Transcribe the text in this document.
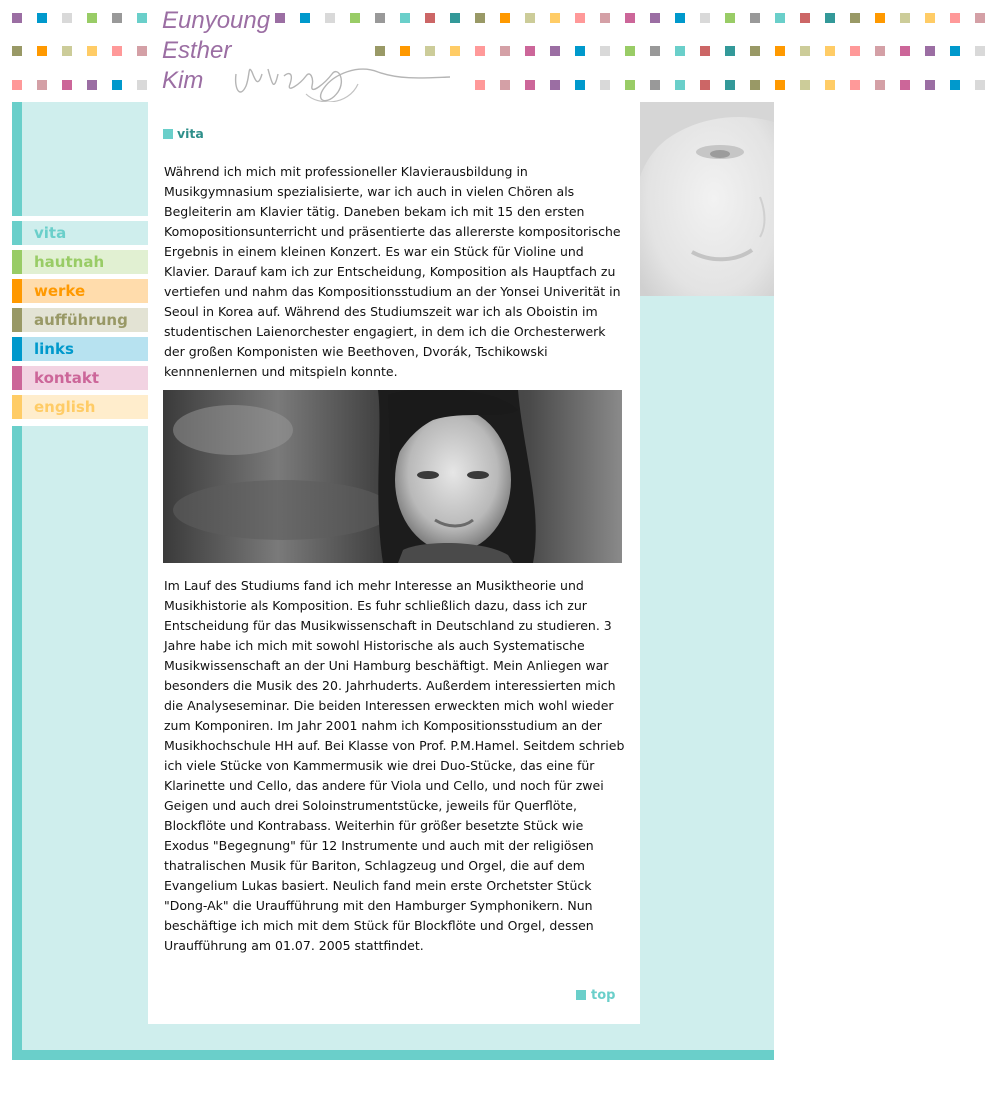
Eunyoung
Esther
Kim
vita
hautnah
werke
aufführung
links
kontakt
english
vita

Während ich mich mit professioneller Klavierausbildung in Musikgymnasium spezialisierte, war ich auch in vielen Chören als Begleiterin am Klavier tätig. Daneben bekam ich mit 15 den ersten Komopositionsunterricht und präsentierte das allererste kompositorische Ergebnis in einem kleinen Konzert. Es war ein Stück für Violine und Klavier. Darauf kam ich zur Entscheidung, Komposition als Hauptfach zu vertiefen und nahm das Kompositionsstudium an der Yonsei Univerität in Seoul in Korea auf. Während des Studiumszeit war ich als Oboistin im studentischen Laienorchester engagiert, in dem ich die Orchesterwerk der großen Komponisten wie Beethoven, Dvorák, Tschikowski kennnenlernen und mitspieln konnte.

Im Lauf des Studiums fand ich mehr Interesse an Musiktheorie und Musikhistorie als Komposition. Es fuhr schließlich dazu, dass ich zur Entscheidung für das Musikwissenschaft in Deutschland zu studieren. 3 Jahre habe ich mich mit sowohl Historische als auch Systematische Musikwissenschaft an der Uni Hamburg beschäftigt. Mein Anliegen war besonders die Musik des 20. Jahrhuderts. Außerdem interessierten mich die Analyseseminar. Die beiden Interessen erweckten mich wohl wieder zum Komponiren. Im Jahr 2001 nahm ich Kompositionsstudium an der Musikhochschule HH auf. Bei Klasse von Prof. P.M.Hamel. Seitdem schrieb ich viele Stücke von Kammermusik wie drei Duo-Stücke, das eine für Klarinette und Cello, das andere für Viola und Cello, und noch für zwei Geigen und auch drei Soloinstrumentstücke, jeweils für Querflöte, Blockflöte und Kontrabass. Weiterhin für größer besetzte Stück wie Exodus "Begegnung" für 12 Instrumente und auch mit der religiösen thatralischen Musik für Bariton, Schlagzeug und Orgel, die auf dem Evangelium Lukas basiert. Neulich fand mein erste Orchetster Stück "Dong-Ak" die Uraufführung mit den Hamburger Symphonikern. Nun beschäftige ich mich mit dem Stück für Blockflöte und Orgel, dessen Uraufführung am 01.07. 2005 stattfindet.

top
